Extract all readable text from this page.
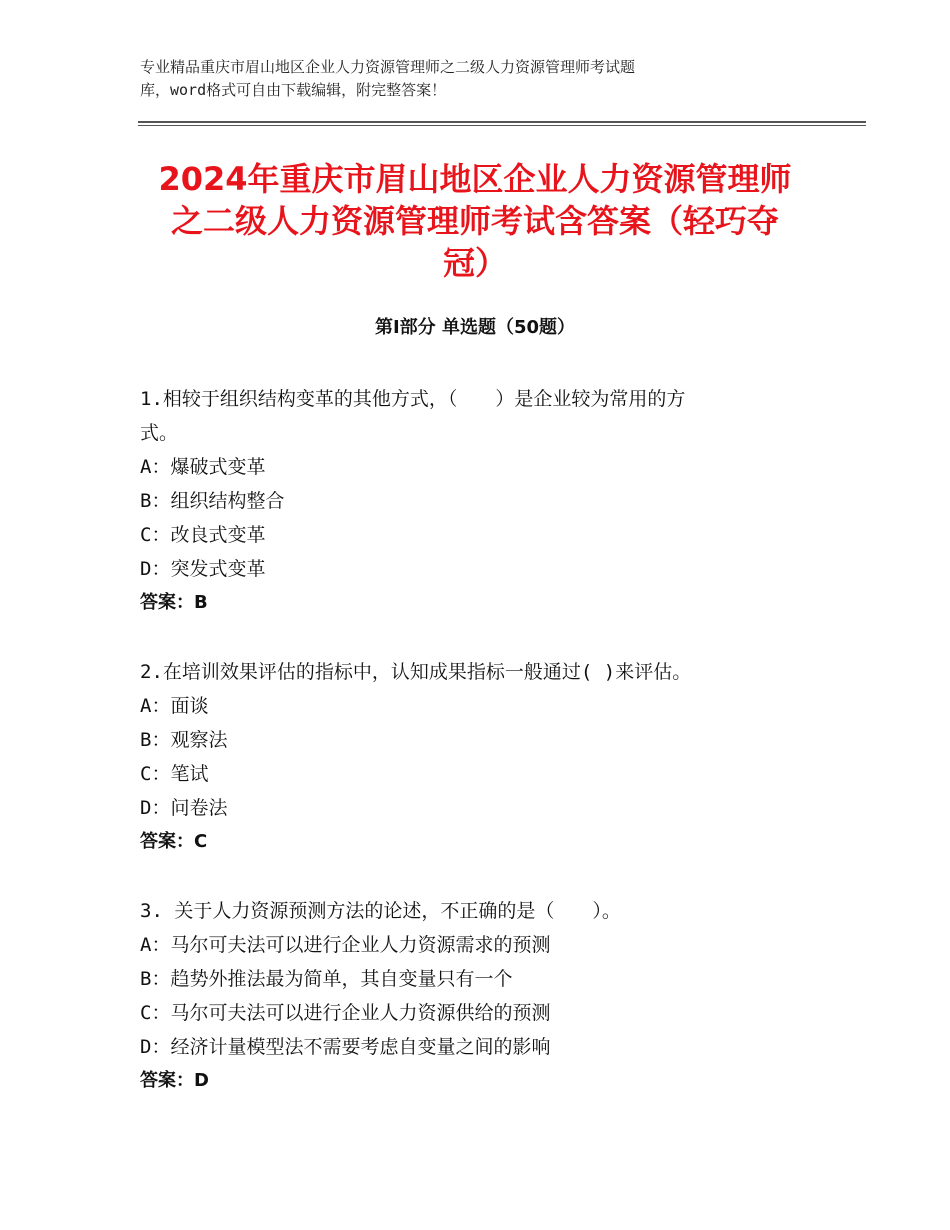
专业精品重庆市眉山地区企业人力资源管理师之二级人力资源管理师考试题
库，word格式可自由下载编辑，附完整答案！
2024年重庆市眉山地区企业人力资源管理师
之二级人力资源管理师考试含答案（轻巧夺
冠）
第Ⅰ部分 单选题（50题）
1.相较于组织结构变革的其他方式，（　　）是企业较为常用的方
式。
A：爆破式变革
B：组织结构整合
C：改良式变革
D：突发式变革
答案：B
2.在培训效果评估的指标中，认知成果指标一般通过( )来评估。
A：面谈
B：观察法
C：笔试
D：问卷法
答案：C
3. 关于人力资源预测方法的论述，不正确的是（　　）。
A：马尔可夫法可以进行企业人力资源需求的预测
B：趋势外推法最为简单，其自变量只有一个
C：马尔可夫法可以进行企业人力资源供给的预测
D：经济计量模型法不需要考虑自变量之间的影响
答案：D
